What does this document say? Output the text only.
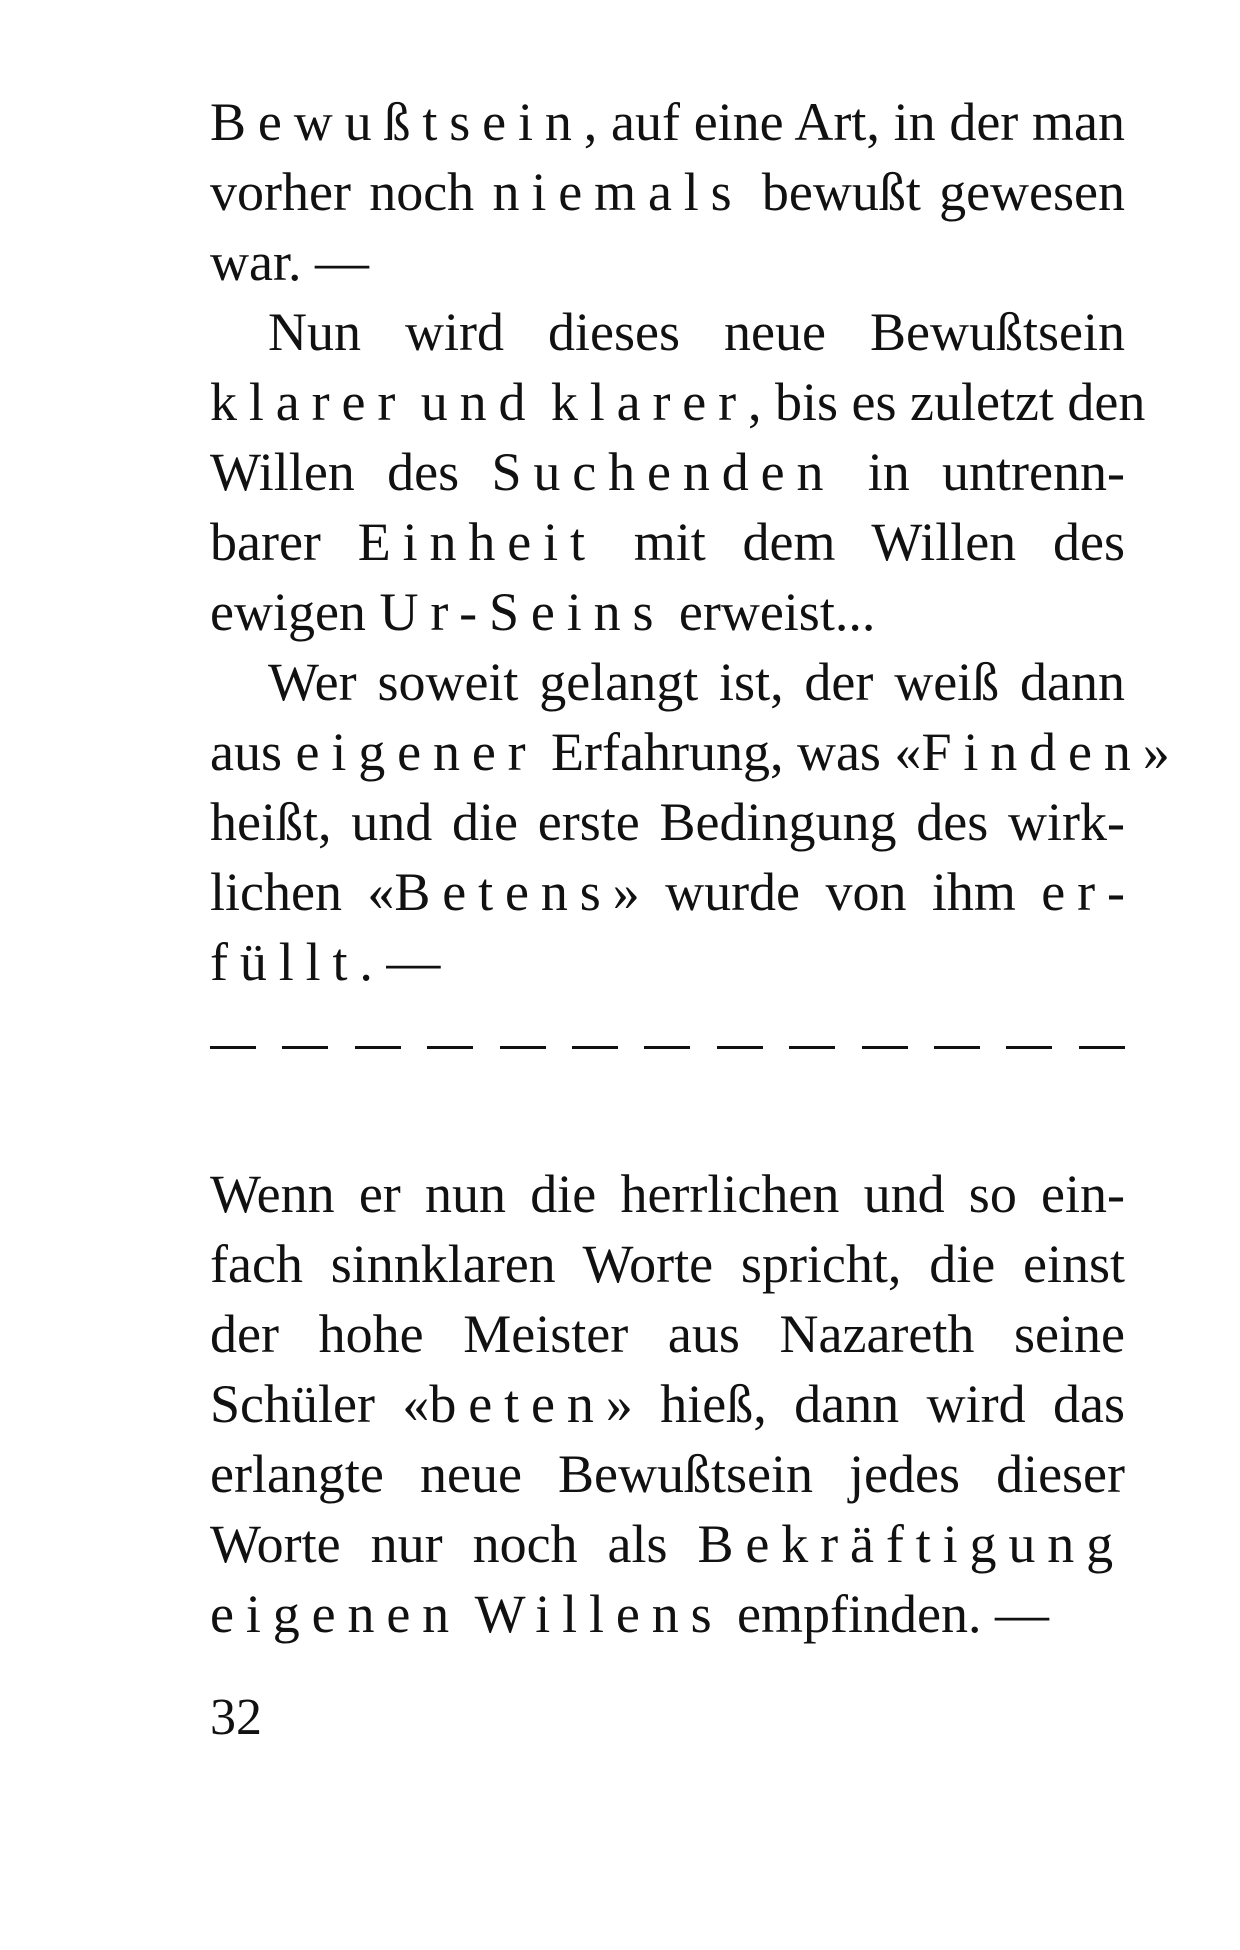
Bewußtsein, auf eine Art, in der man
vorher noch niemals bewußt gewesen
war. —
Nun wird dieses neue Bewußtsein
klarer und klarer, bis es zuletzt den
Willen des Suchenden in untrenn-
barer Einheit mit dem Willen des
ewigen Ur-Seins erweist...
Wer soweit gelangt ist, der weiß dann
aus eigener Erfahrung, was «Finden»
heißt, und die erste Bedingung des wirk-
lichen «Betens» wurde von ihm er-
füllt. —
Wenn er nun die herrlichen und so ein-
fach sinnklaren Worte spricht, die einst
der hohe Meister aus Nazareth seine
Schüler «beten» hieß, dann wird das
erlangte neue Bewußtsein jedes dieser
Worte nur noch als Bekräftigung
eigenen Willens empfinden. —
32
